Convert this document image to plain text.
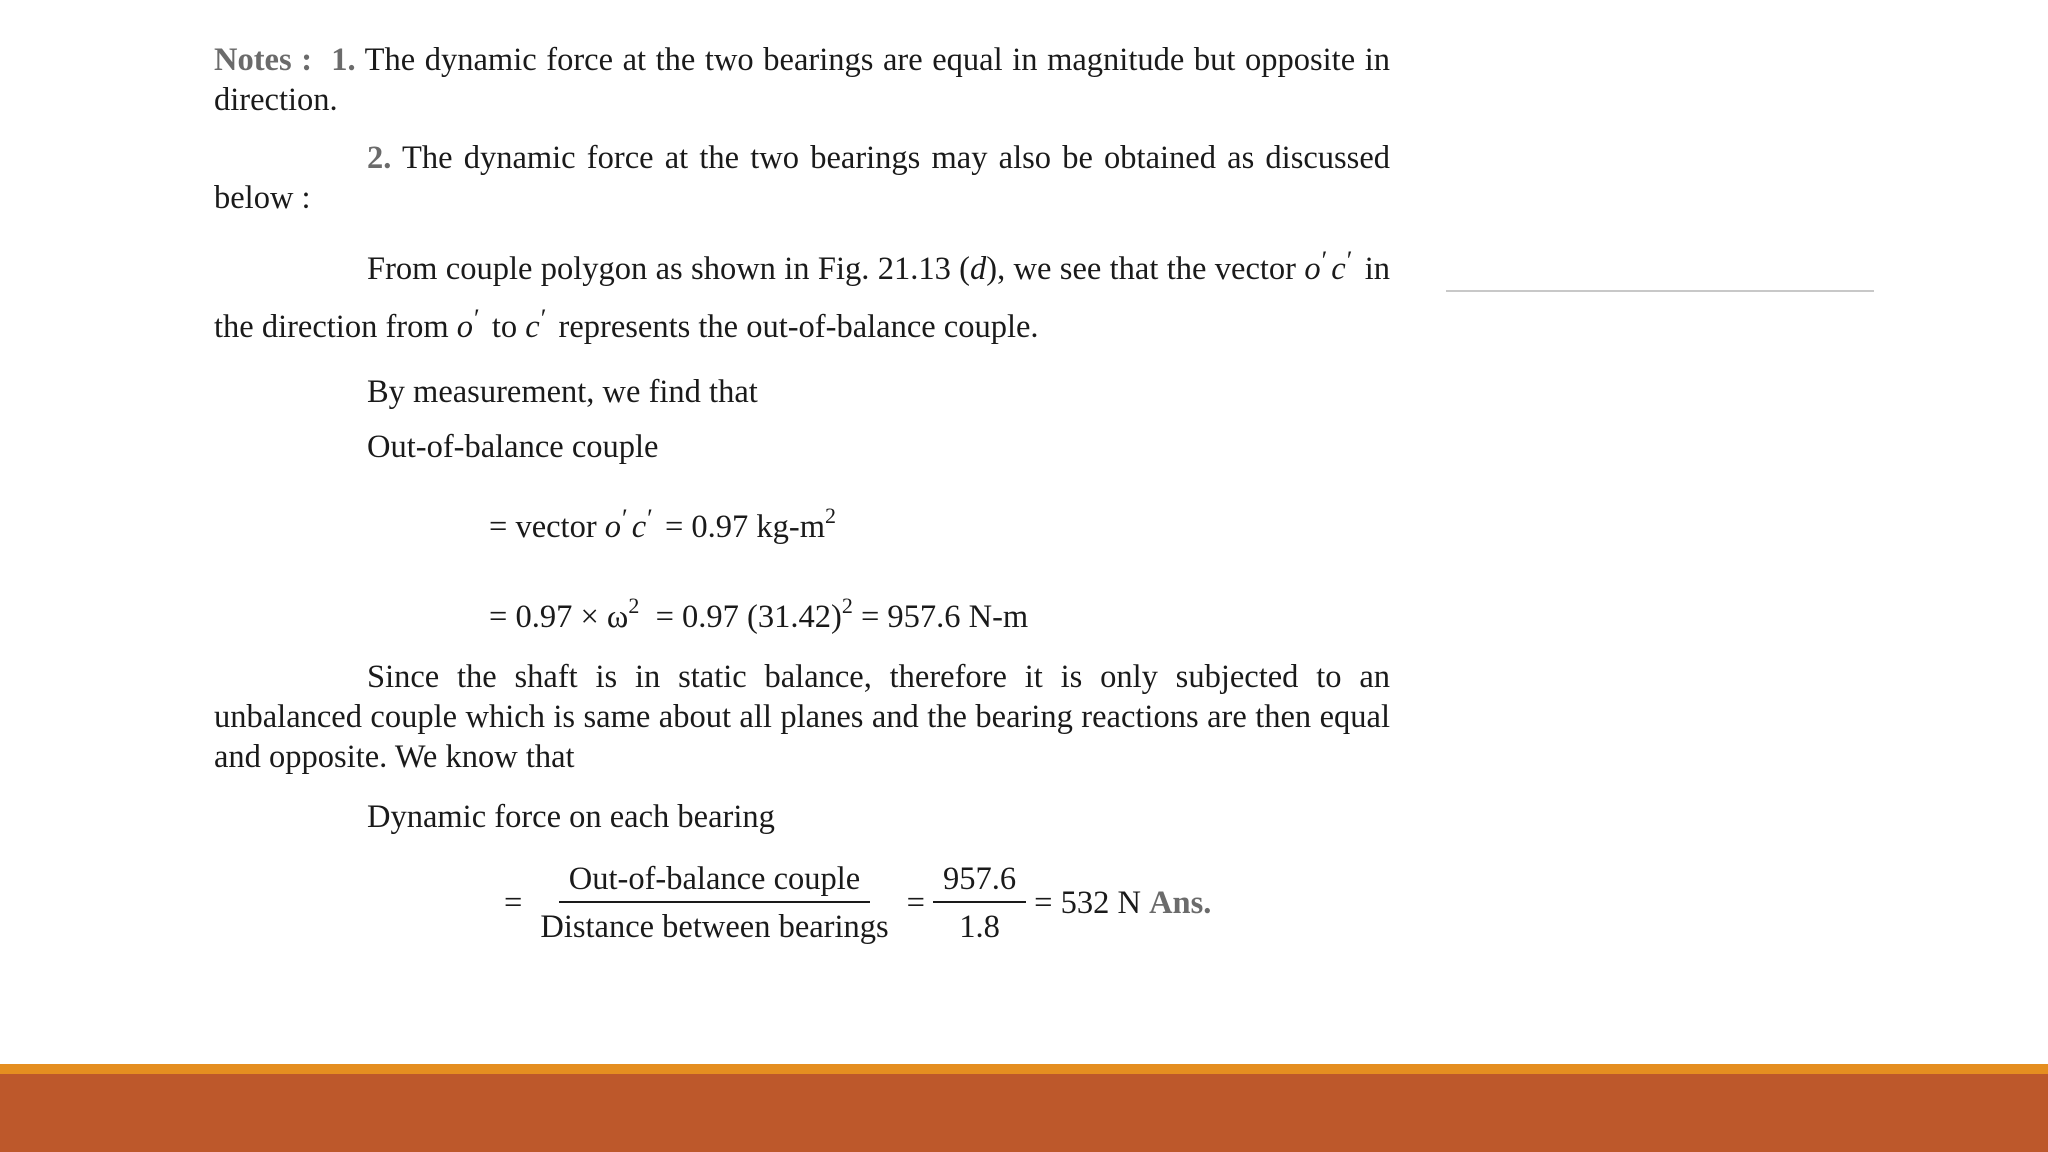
Notes : 1. The dynamic force at the two bearings are equal in magnitude but opposite in direction.

2. The dynamic force at the two bearings may also be obtained as discussed below :

From couple polygon as shown in Fig. 21.13 (d), we see that the vector o′ c′ in the direction from o′ to c′ represents the out-of-balance couple.

By measurement, we find that

Out-of-balance couple

= vector o′ c′ = 0.97 $kg-m^2$
= $0.97 \times \omega^2 = 0.97$ $(31.42)^2 = 957.6$ N-m

Since the shaft is in static balance, therefore it is only subjected to an unbalanced couple which is same about all planes and the bearing reactions are then equal and opposite. We know that

Dynamic force on each bearing

= $\frac{\text{Out-of-balance couple}}{\text{Distance between bearings}} = \frac{957.6}{1.8} = 532$ N
Ans.
